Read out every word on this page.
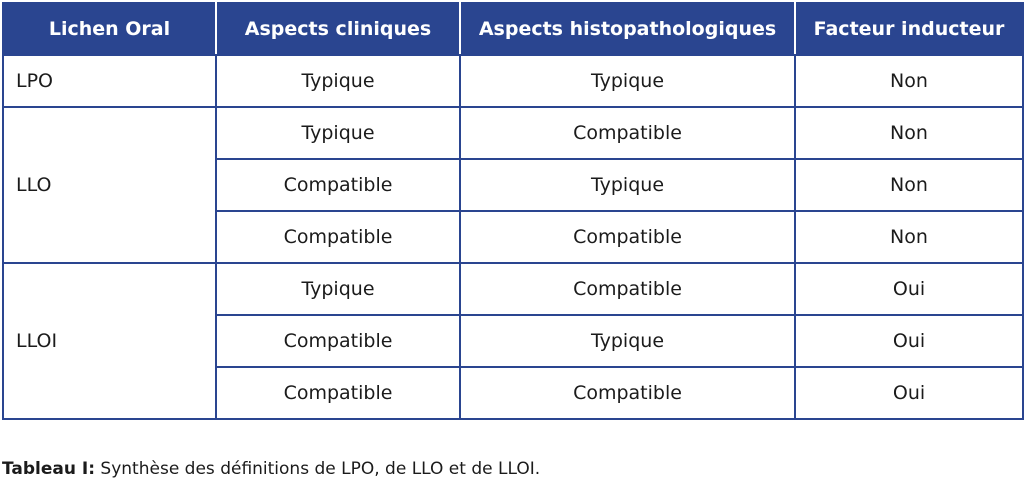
Lichen Oral	Aspects cliniques	Aspects histopathologiques	Facteur inducteur
LPO	Typique	Typique	Non
LLO	Typique	Compatible	Non
	Compatible	Typique	Non
	Compatible	Compatible	Non
LLOI	Typique	Compatible	Oui
	Compatible	Typique	Oui
	Compatible	Compatible	Oui
Tableau I: Synthèse des définitions de LPO, de LLO et de LLOI.
